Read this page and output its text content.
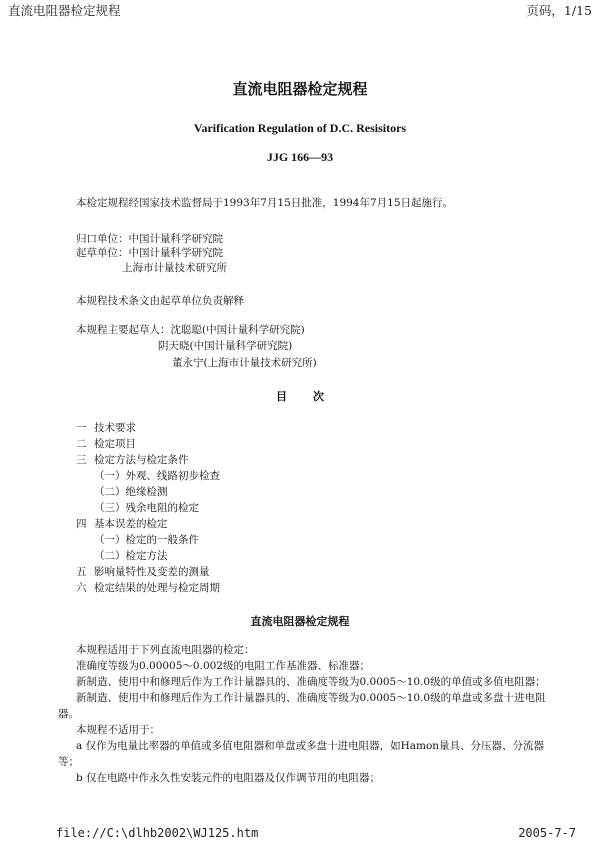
直流电阻器检定规程	页码，1/15
直流电阻器检定规程
Varification Regulation of D.C. Resisitors
JJG 166—93
本检定规程经国家技术监督局于1993年7月15日批准，1994年7月15日起施行。
归口单位：中国计量科学研究院
起草单位：中国计量科学研究院
上海市计量技术研究所
本规程技术条文由起草单位负责解释
本规程主要起草人：沈聪聪(中国计量科学研究院)
阴天晓(中国计量科学研究院)
董永宁(上海市计量技术研究所)
目次
一 技术要求
二 检定项目
三 检定方法与检定条件
（一）外观、线路初步检查
（二）绝缘检测
（三）残余电阻的检定
四 基本误差的检定
（一）检定的一般条件
（二）检定方法
五 影响量特性及变差的测量
六 检定结果的处理与检定周期
直流电阻器检定规程
本规程适用于下列直流电阻器的检定：
准确度等级为0.00005～0.002级的电阻工作基准器、标准器；
新制造、使用中和修理后作为工作计量器具的、准确度等级为0.0005～10.0级的单值或多值电阻器；
新制造、使用中和修理后作为工作计量器具的、准确度等级为0.0005～10.0级的单盘或多盘十进电阻
器。
本规程不适用于：
a 仅作为电量比率器的单值或多值电阻器和单盘或多盘十进电阻器，如Hamon量具、分压器、分流器
等；
b 仅在电路中作永久性安装元件的电阻器及仅作调节用的电阻器；
file://C:\dlhb2002\WJ125.htm	2005-7-7
